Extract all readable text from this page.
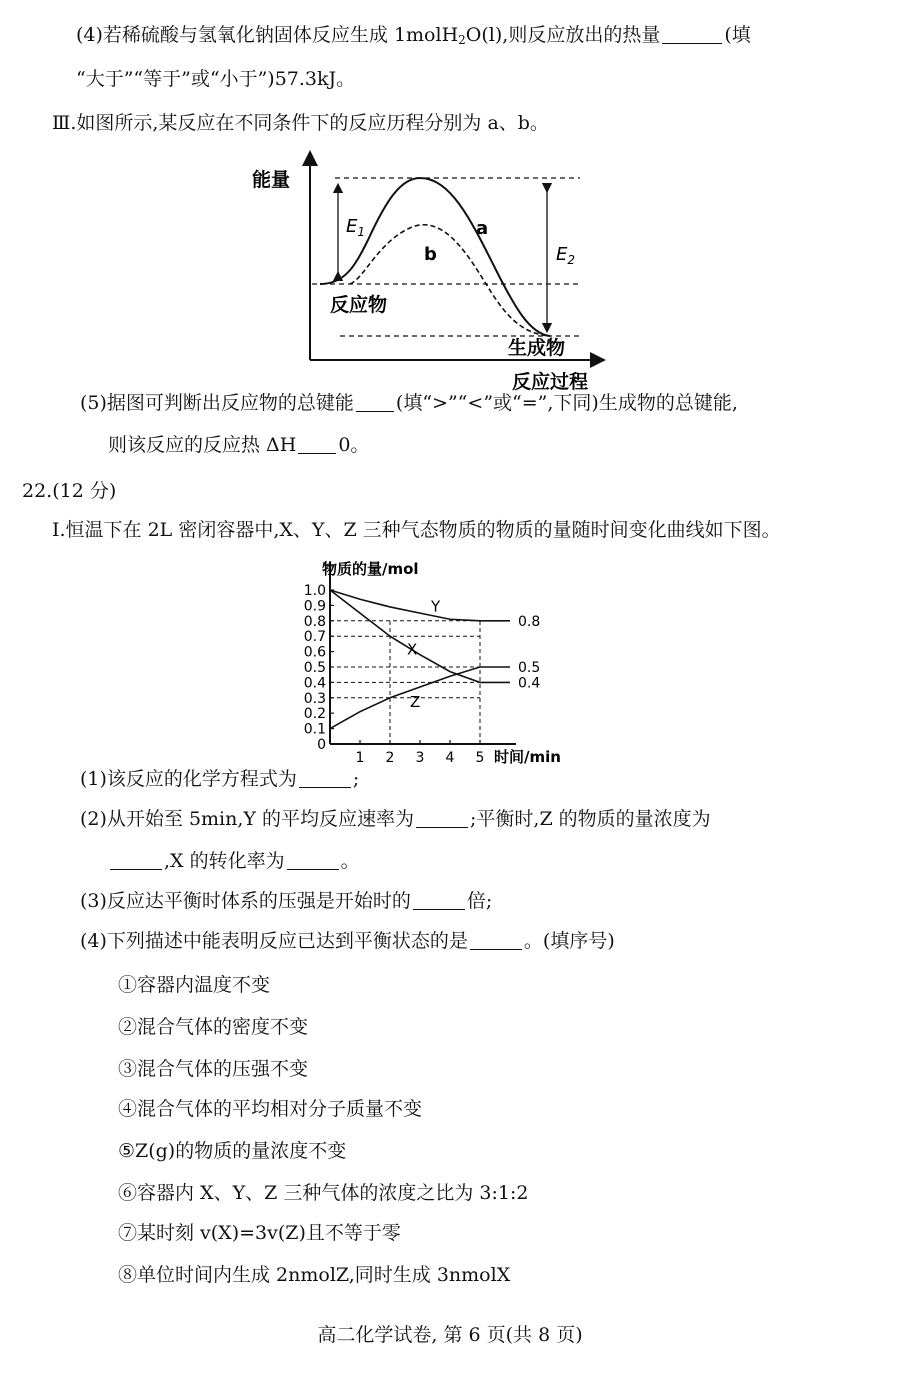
(4)若稀硫酸与氢氧化钠固体反应生成 1molH$_2$O(l),则反应放出的热量	(填
“大于”“等于”或“小于”)57.3kJ。
Ⅲ.如图所示,某反应在不同条件下的反应历程分别为 a、b。
能量
$E_1$
$E_2$
a
b
反应物
生成物
反应过程
(5)据图可判断出反应物的总键能 (填“>”“<”或“=”,下同)生成物的总键能,
则该反应的反应热 ΔH 0。
22.(12 分)
Ⅰ.恒温下在 2L 密闭容器中,X、Y、Z 三种气态物质的物质的量随时间变化曲线如下图。
0
0.1
0.2
0.3
0.4
0.5
0.6
0.7
0.8
0.9
1.0
1 2 3 4 5
Y
X
Z
0.8
0.5
0.4
物质的量/mol
时间/min
(1)该反应的化学方程式为	;
(2)从开始至 5min,Y 的平均反应速率为	;平衡时,Z 的物质的量浓度为
,X 的转化率为	。
(3)反应达平衡时体系的压强是开始时的	倍;
(4)下列描述中能表明反应已达到平衡状态的是	。(填序号)
①容器内温度不变
②混合气体的密度不变
③混合气体的压强不变
④混合气体的平均相对分子质量不变
⑤Z(g)的物质的量浓度不变
⑥容器内 X、Y、Z 三种气体的浓度之比为 3:1:2
⑦某时刻 v(X)=3v(Z)且不等于零
⑧单位时间内生成 2nmolZ,同时生成 3nmolX
高二化学试卷, 第 6 页(共 8 页)
